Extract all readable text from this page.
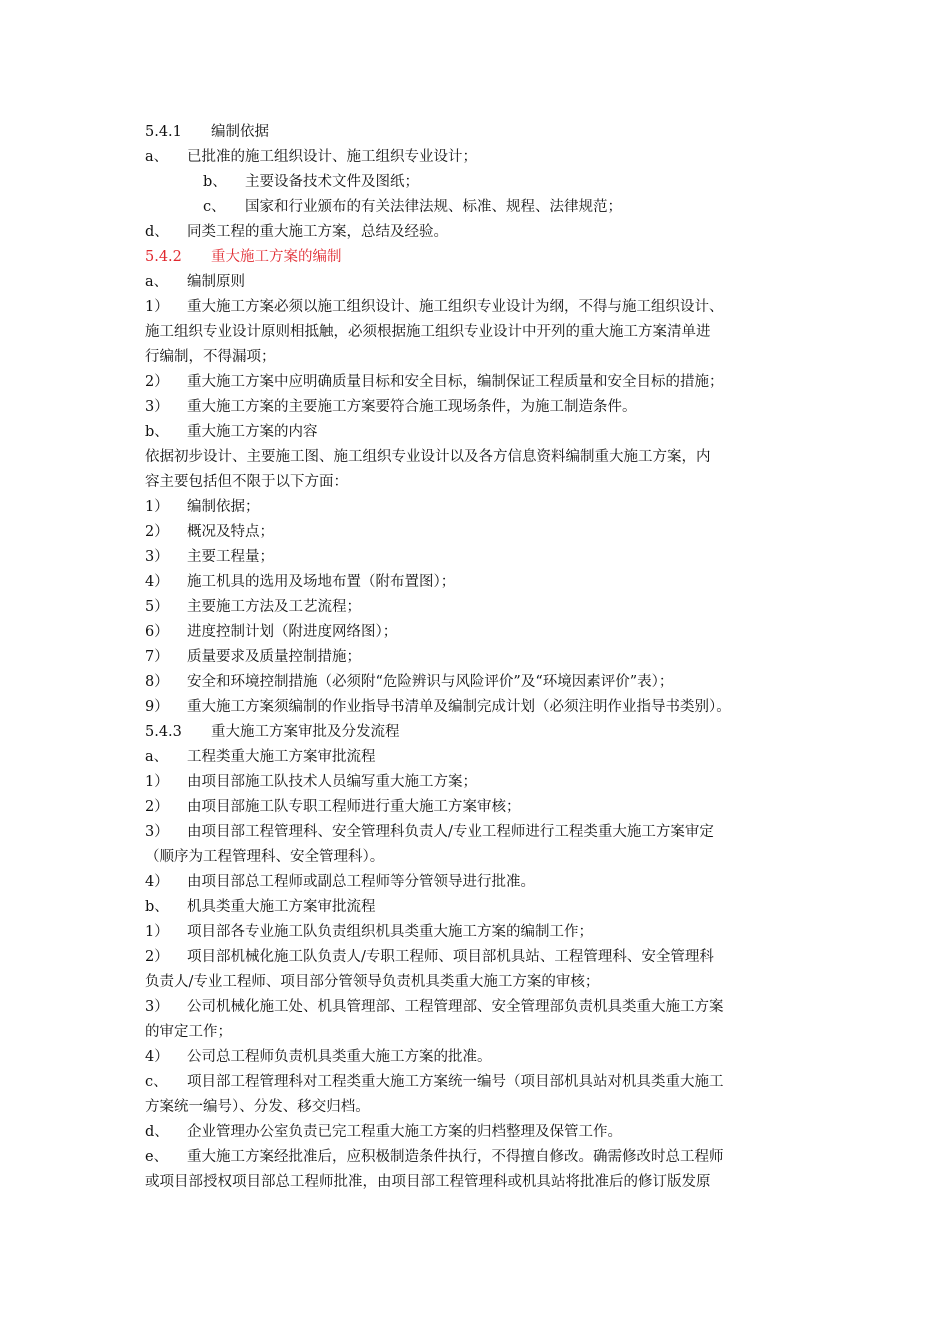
5.4.1	编制依据
a、	已批准的施工组织设计、施工组织专业设计；
b、	主要设备技术文件及图纸；
c、	国家和行业颁布的有关法律法规、标准、规程、法律规范；
d、	同类工程的重大施工方案，总结及经验。
5.4.2	重大施工方案的编制
a、	编制原则
1）	重大施工方案必须以施工组织设计、施工组织专业设计为纲，不得与施工组织设计、
施工组织专业设计原则相抵触，必须根据施工组织专业设计中开列的重大施工方案清单进
行编制，不得漏项；
2）	重大施工方案中应明确质量目标和安全目标，编制保证工程质量和安全目标的措施；
3）	重大施工方案的主要施工方案要符合施工现场条件，为施工制造条件。
b、	重大施工方案的内容
依据初步设计、主要施工图、施工组织专业设计以及各方信息资料编制重大施工方案，内
容主要包括但不限于以下方面：
1）	编制依据；
2）	概况及特点；
3）	主要工程量；
4）	施工机具的选用及场地布置（附布置图）；
5）	主要施工方法及工艺流程；
6）	进度控制计划（附进度网络图）；
7）	质量要求及质量控制措施；
8）	安全和环境控制措施（必须附“危险辨识与风险评价”及“环境因素评价”表）；
9）	重大施工方案须编制的作业指导书清单及编制完成计划（必须注明作业指导书类别）。
5.4.3	重大施工方案审批及分发流程
a、	工程类重大施工方案审批流程
1）	由项目部施工队技术人员编写重大施工方案；
2）	由项目部施工队专职工程师进行重大施工方案审核；
3）	由项目部工程管理科、安全管理科负责人/专业工程师进行工程类重大施工方案审定
（顺序为工程管理科、安全管理科）。
4）	由项目部总工程师或副总工程师等分管领导进行批准。
b、	机具类重大施工方案审批流程
1）	项目部各专业施工队负责组织机具类重大施工方案的编制工作；
2）	项目部机械化施工队负责人/专职工程师、项目部机具站、工程管理科、安全管理科
负责人/专业工程师、项目部分管领导负责机具类重大施工方案的审核；
3）	公司机械化施工处、机具管理部、工程管理部、安全管理部负责机具类重大施工方案
的审定工作；
4）	公司总工程师负责机具类重大施工方案的批准。
c、	项目部工程管理科对工程类重大施工方案统一编号（项目部机具站对机具类重大施工
方案统一编号）、分发、移交归档。
d、	企业管理办公室负责已完工程重大施工方案的归档整理及保管工作。
e、	重大施工方案经批准后，应积极制造条件执行，不得擅自修改。确需修改时总工程师
或项目部授权项目部总工程师批准，由项目部工程管理科或机具站将批准后的修订版发原
